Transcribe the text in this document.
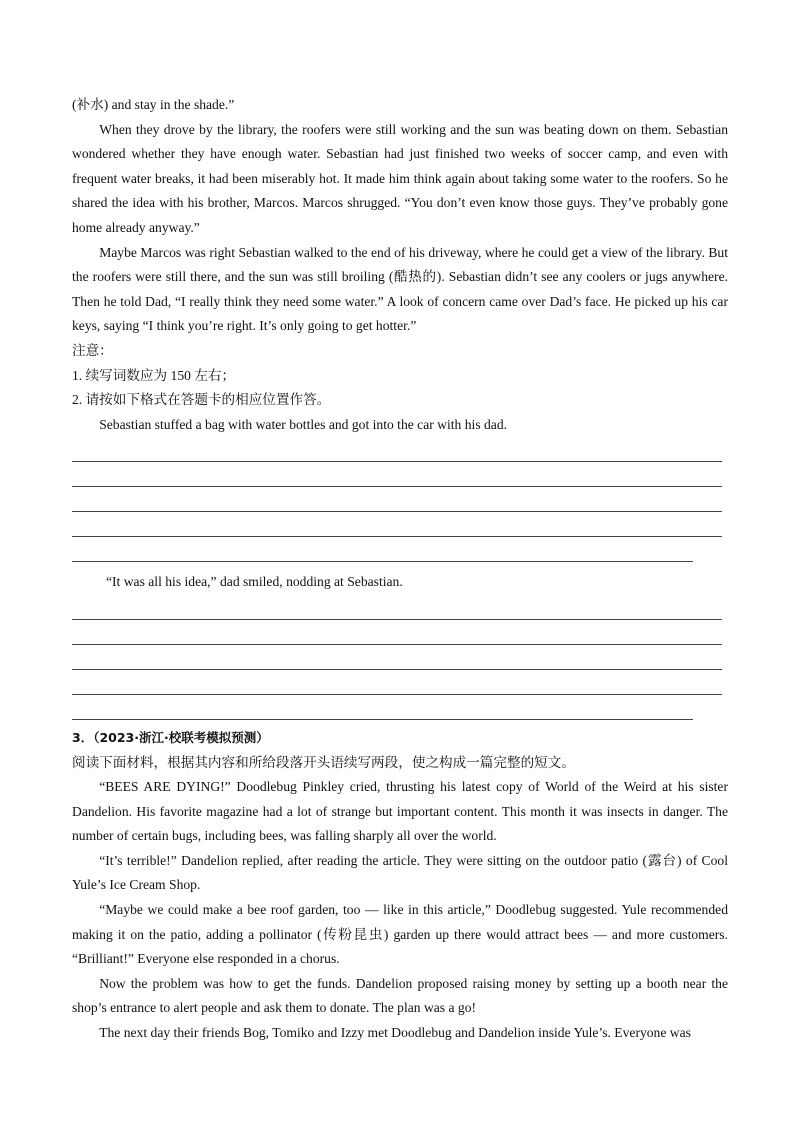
(补水) and stay in the shade.”

When they drove by the library, the roofers were still working and the sun was beating down on them. Sebastian wondered whether they have enough water. Sebastian had just finished two weeks of soccer camp, and even with frequent water breaks, it had been miserably hot. It made him think again about taking some water to the roofers. So he shared the idea with his brother, Marcos. Marcos shrugged. “You don’t even know those guys. They’ve probably gone home already anyway.”

Maybe Marcos was right Sebastian walked to the end of his driveway, where he could get a view of the library. But the roofers were still there, and the sun was still broiling (酷热的). Sebastian didn’t see any coolers or jugs anywhere. Then he told Dad, “I really think they need some water.” A look of concern came over Dad’s face. He picked up his car keys, saying “I think you’re right. It’s only going to get hotter.”

注意：

1. 续写词数应为 150 左右；

2. 请按如下格式在答题卡的相应位置作答。

Sebastian stuffed a bag with water bottles and got into the car with his dad.

“It was all his idea,” dad smiled, nodding at Sebastian.

3．（2023·浙江·校联考模拟预测）

阅读下面材料，根据其内容和所给段落开头语续写两段，使之构成一篇完整的短文。

“BEES ARE DYING!” Doodlebug Pinkley cried, thrusting his latest copy of World of the Weird at his sister Dandelion. His favorite magazine had a lot of strange but important content. This month it was insects in danger. The number of certain bugs, including bees, was falling sharply all over the world.

“It’s terrible!” Dandelion replied, after reading the article. They were sitting on the outdoor patio (露台) of Cool Yule’s Ice Cream Shop.

“Maybe we could make a bee roof garden, too — like in this article,” Doodlebug suggested. Yule recommended making it on the patio, adding a pollinator (传粉昆虫) garden up there would attract bees — and more customers. “Brilliant!” Everyone else responded in a chorus.

Now the problem was how to get the funds. Dandelion proposed raising money by setting up a booth near the shop’s entrance to alert people and ask them to donate. The plan was a go!

The next day their friends Bog, Tomiko and Izzy met Doodlebug and Dandelion inside Yule’s. Everyone was
